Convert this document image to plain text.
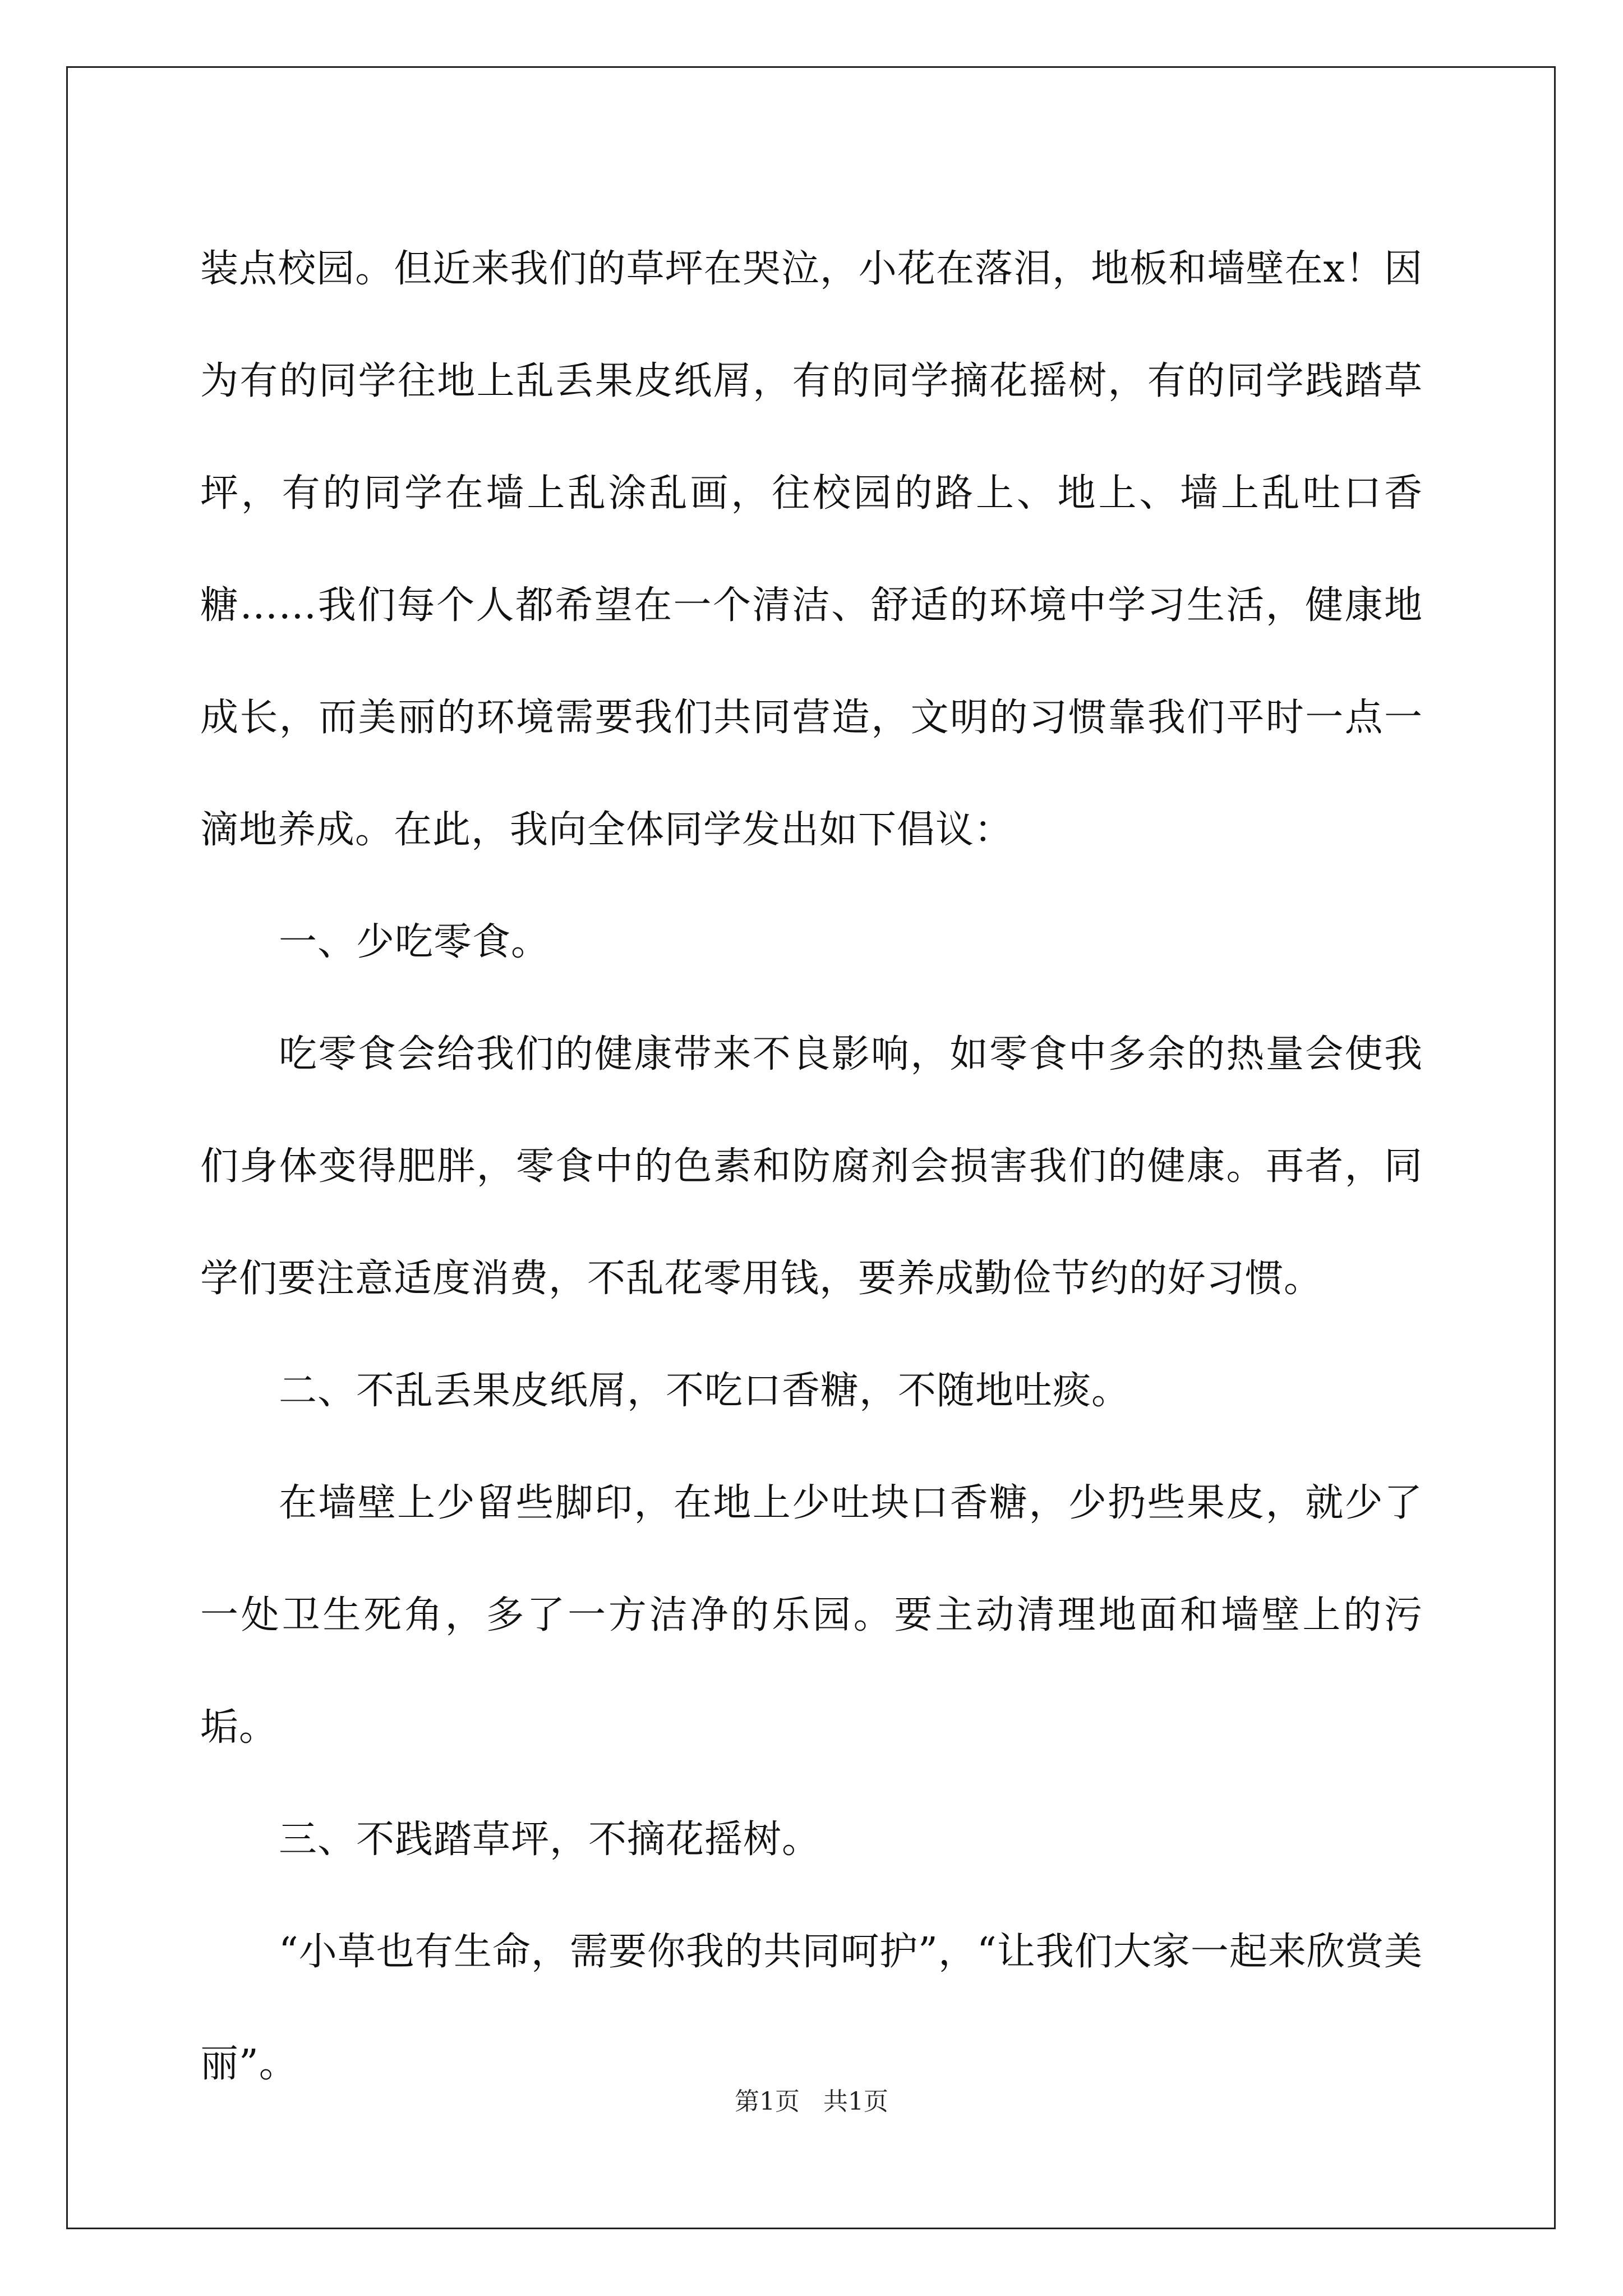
装点校园。但近来我们的草坪在哭泣，小花在落泪，地板和墙壁在x！因为有的同学往地上乱丢果皮纸屑，有的同学摘花摇树，有的同学践踏草坪，有的同学在墙上乱涂乱画，往校园的路上、地上、墙上乱吐口香糖……我们每个人都希望在一个清洁、舒适的环境中学习生活，健康地成长，而美丽的环境需要我们共同营造，文明的习惯靠我们平时一点一滴地养成。在此，我向全体同学发出如下倡议：

一、少吃零食。

吃零食会给我们的健康带来不良影响，如零食中多余的热量会使我们身体变得肥胖，零食中的色素和防腐剂会损害我们的健康。再者，同学们要注意适度消费，不乱花零用钱，要养成勤俭节约的好习惯。

二、不乱丢果皮纸屑，不吃口香糖，不随地吐痰。

在墙壁上少留些脚印，在地上少吐块口香糖，少扔些果皮，就少了一处卫生死角，多了一方洁净的乐园。要主动清理地面和墙壁上的污垢。

三、不践踏草坪，不摘花摇树。

“小草也有生命，需要你我的共同呵护”，“让我们大家一起来欣赏美丽”。

第1页 共1页
